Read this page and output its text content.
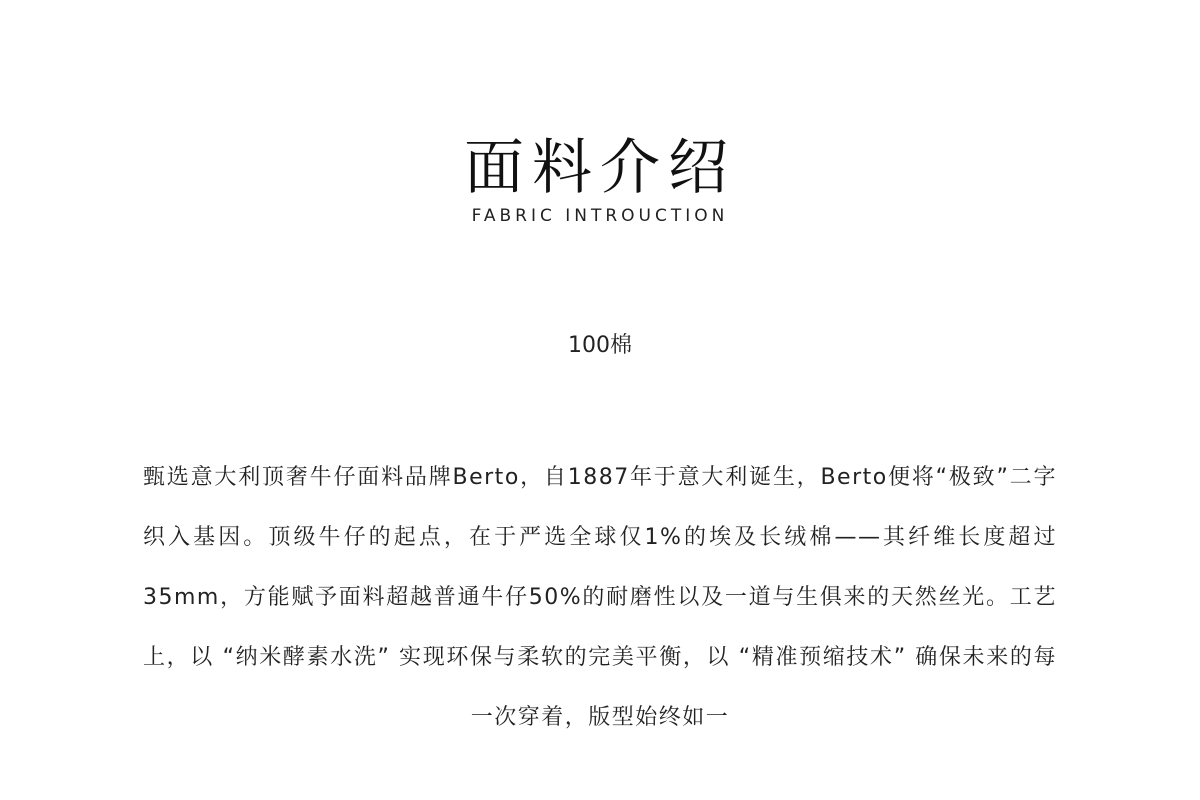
面料介绍
FABRIC INTROUCTION
100棉

甄选意大利顶奢牛仔面料品牌Berto，自1887年于意大利诞生，Berto便将“极致”二字织入基因。顶级牛仔的起点，在于严选全球仅1%的埃及长绒棉——其纤维长度超过35mm，方能赋予面料超越普通牛仔50%的耐磨性以及一道与生俱来的天然丝光。工艺上，以 “纳米酵素水洗” 实现环保与柔软的完美平衡，以 “精准预缩技术” 确保未来的每一次穿着，版型始终如一
